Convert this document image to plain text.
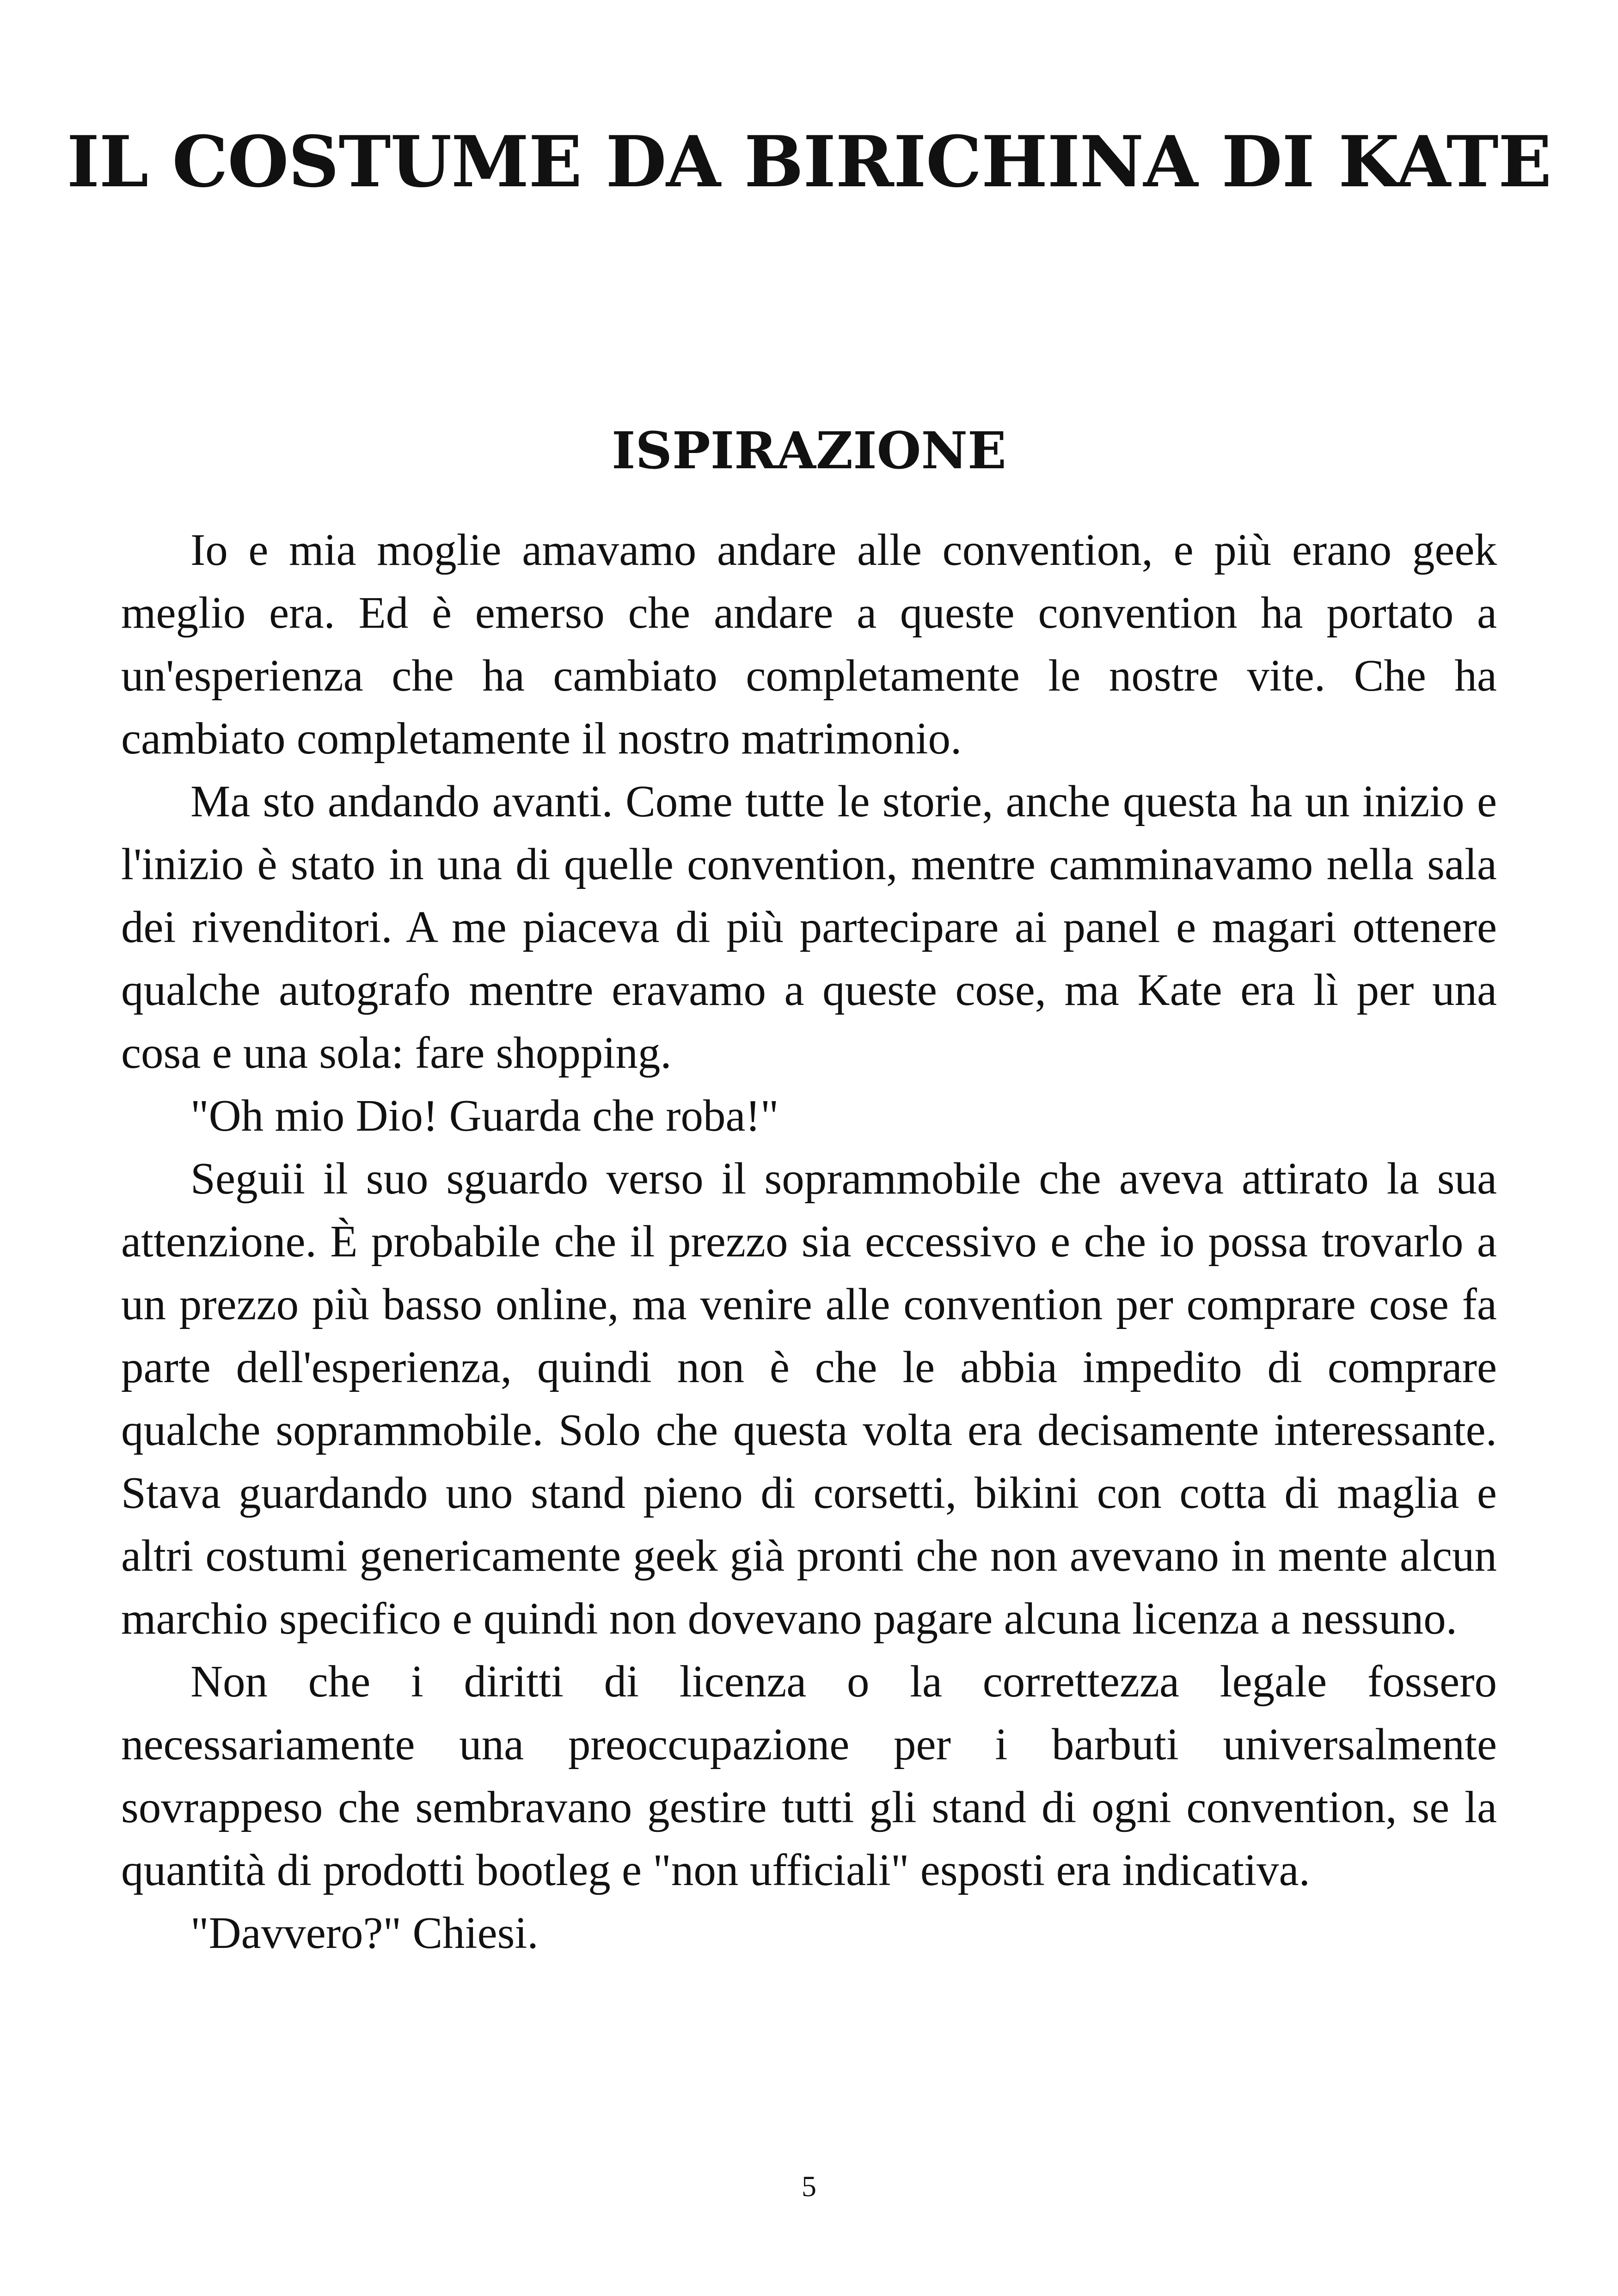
IL COSTUME DA BIRICHINA DI KATE
ISPIRAZIONE

Io e mia moglie amavamo andare alle convention, e più erano geek meglio era. Ed è emerso che andare a queste convention ha portato a un'esperienza che ha cambiato completamente le nostre vite. Che ha cambiato completamente il nostro matrimonio.

Ma sto andando avanti. Come tutte le storie, anche questa ha un inizio e l'inizio è stato in una di quelle convention, mentre camminavamo nella sala dei rivenditori. A me piaceva di più partecipare ai panel e magari ottenere qualche autografo mentre eravamo a queste cose, ma Kate era lì per una cosa e una sola: fare shopping.

"Oh mio Dio! Guarda che roba!"

Seguii il suo sguardo verso il soprammobile che aveva attirato la sua attenzione. È probabile che il prezzo sia eccessivo e che io possa trovarlo a un prezzo più basso online, ma venire alle convention per comprare cose fa parte dell'esperienza, quindi non è che le abbia impedito di comprare qualche soprammobile. Solo che questa volta era decisamente interessante. Stava guardando uno stand pieno di corsetti, bikini con cotta di maglia e altri costumi genericamente geek già pronti che non avevano in mente alcun marchio specifico e quindi non dovevano pagare alcuna licenza a nessuno.

Non che i diritti di licenza o la correttezza legale fossero necessariamente una preoccupazione per i barbuti universalmente sovrappeso che sembravano gestire tutti gli stand di ogni convention, se la quantità di prodotti bootleg e "non ufficiali" esposti era indicativa.

"Davvero?" Chiesi.

5
